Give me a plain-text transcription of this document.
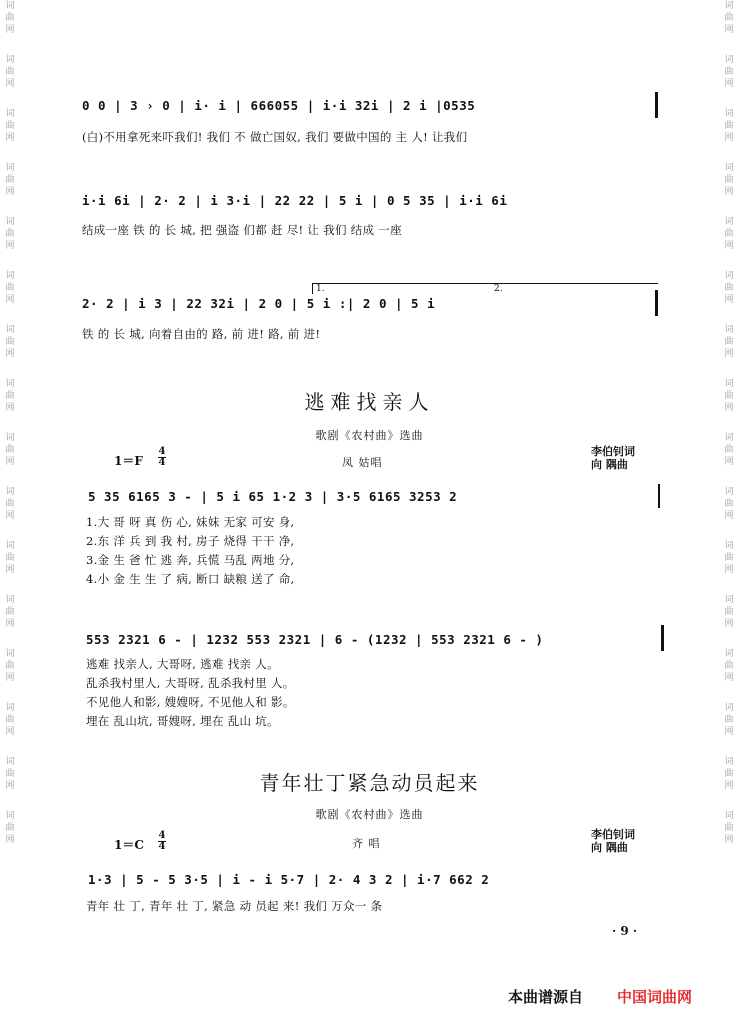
词
曲
网
词
曲
网
词
曲
网
词
曲
网
词
曲
网
词
曲
网
词
曲
网
词
曲
网
词
曲
网
词
曲
网
词
曲
网
词
曲
网
词
曲
网
词
曲
网
词
曲
网
词
曲
网
词
曲
网
词
曲
网
词
曲
网
词
曲
网
词
曲
网
词
曲
网
词
曲
网
词
曲
网
词
曲
网
词
曲
网
词
曲
网
词
曲
网
词
曲
网
词
曲
网
词
曲
网
词
曲
网
0 0 | 3 › 0 | i· i | 666055 | i·i 32i | 2 i |0535
(白)不用拿死来吓我们! 我们 不 做亡国奴, 我们 要做中国的 主 人! 让我们
i·i 6i | 2· 2 | i 3·i | 2̇2 2̇2 | 5 i | 0 5 35 | i·i 6i
结成一座 铁 的 长 城, 把 强盗 们都 赶 尽! 让 我们 结成 一座
1.	2.
2· 2 | i 3 | 22 32i | 2 0 | 5 i :| 2 0 | 5 i
铁 的 长 城, 向着自由的 路, 前 进! 路, 前 进!
逃难找亲人
歌剧《农村曲》选曲
1＝F
4
4	凤 姑唱
李伯钊词
向 隅曲
5 35 6165 3 - | 5 i 65 1·2 3 | 3·5 6165 3253 2
1.大 哥 呀 真 伤 心, 妹妹 无家 可安 身,
2.东 洋 兵 到 我 村, 房子 烧得 干干 净,
3.金 生 爸 忙 逃 奔, 兵慌 马乱 两地 分,
4.小 金 生 生 了 病, 断口 缺粮 送了 命,
553 2321 6 - | 1232 553 2321 | 6 - (1232 | 553 2321 6 - )
逃难 找亲人, 大哥呀, 逃难 找亲 人。
乱杀我村里人, 大哥呀, 乱杀我村里 人。
不见他人和影, 嫂嫂呀, 不见他人和 影。
埋在 乱山坑, 哥嫂呀, 埋在 乱山 坑。
青年壮丁紧急动员起来
歌剧《农村曲》选曲
1＝C
4
4	齐 唱
李伯钊词
向 隅曲
1·3 | 5 - 5 3·5 | i - i 5·7 | 2· 4 3 2 | i·7 662 2
青年 壮 丁, 青年 壮 丁, 紧急 动 员起 来! 我们 万众一 条
· 9 ·
本曲谱源自 中国词曲网
